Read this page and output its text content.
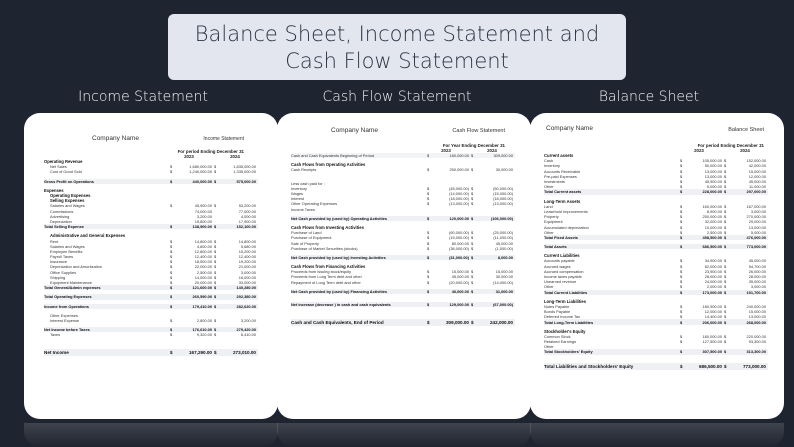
Balance Sheet, Income Statement and
Cash Flow Statement
Income Statement	Cash Flow Statement	Balance Sheet
Company Name	Income Statement
For period Ending December 31
2023	2024
Operating Revenue
Net Sales	$	1,680,000.00 $	1,835,000.00
Cost of Good Sold	$	1,240,000.00 $	1,335,000.00
Gross Profit on Operations	$	440,000.00 $	575,000.00
Expenses
Operating Expenses
Selling Expenses
Salaries and Wages	$	45,900.00 $	53,200.00
Commissions	74,000.00	77,000.00
Advertising	3,200.00	4,000.00
Depreciation	15,800.00	17,900.00
Total Selling Expense	$	138,900.00 $	152,100.00
Administrative and General Expenses
Rent	$	14,800.00 $	14,800.00
Salaries and Wages	$	4,600.00 $	5,680.00
Employee Benefits	$	12,800.00 $	15,200.00
Payroll Taxes	$	12,400.00 $	12,400.00
Insurance	$	18,500.00 $	19,200.00
Depreciation and Amortization	$	22,000.00 $	21,000.00
Office Supplies	$	2,500.00 $	3,000.00
Shipping	$	14,000.00 $	16,000.00
Equipment Maintenance	$	20,000.00 $	33,000.00
Total General/Admin expenses	$	121,600.00 $	140,280.00
Total Operating Expenses	$	260,590.00 $	292,380.00
Income from Operations	$	179,410.00 $	282,620.00
Other Expenses
Interest Expense	$	2,800.00 $	3,200.00
Net Income before Taxes	$	176,610.00 $	279,420.00
Taxes	$	9,320.00 $	6,410.00
Net Income	$	167,290.00 $	273,010.00
Company Name	Cash Flow Statement
For Year Ending December 31
2023	2024
Cash and Cash Equivalents Beginning of Period	$	180,000.00 $	309,000.00
Cash Flows from Operating Activities
Cash Receipts	$	250,000.00 $	30,000.00
Less cash paid for :
Inventory	$	(45,000.00) $	(50,000.00)
Wages	$	(14,000.00) $	(15,000.00)
Interest	$	(18,000.00) $	(18,000.00)
Other Operating Expenses	$	(13,000.00) $	(13,000.00)
Income Taxes
Net Cash provided by (used by) Operating Activities	$	120,000.00 $	(106,000.00)
Cash Flows from Investing Activities
Purchase of Land	$	(60,000.00) $	(25,000.00)
Purchase of Equipment	$	(15,000.00) $	(11,000.00)
Sale of Property	$	80,000.00 $	45,000.00
Purchase of Market Securities (stocks)	$	(36,000.00) $	(1,000.00)
Net Cash provided by (used by) Investing Activities	$	(31,000.00) $	8,000.00
Cash Flows from Financing Activities
Proceeds from issuing stock/equity	$	15,000.00 $	15,000.00
Proceeds from Long Term debt and other	$	45,000.00 $	30,000.00
Repayment of Long Term debt and other	$	(20,000.00) $	(14,000.00)
Net Cash provided by (used by) Financing Activities	$	40,000.00 $	31,000.00
Net increase (decrease ) in cash and cash equivalents	$	129,000.00 $	(67,000.00)
Cash and Cash Equivalents, End of Period	$	309,000.00 $	242,000.00
Company Name	Balance Sheet
For period Ending December 31
2023	2024
Current assets
Cash	$	105,000.00 $	152,000.00
Inventory	$	50,000.00 $	42,000.00
Accounts Receivable	$	13,000.00 $	15,000.00
Pre-paid Expenses	$	13,000.00 $	12,000.00
Investments	$	45,900.00 $	45,000.00
Other	$	5,000.00 $	11,000.00
Total Current assets	$	228,000.00 $	297,000.00
Long-Term Assets
Land	$	160,000.00 $	167,000.00
Leasehold Improvements	$	8,900.00 $	3,000.00
Property	$	250,000.00 $	270,000.00
Equipment	$	32,000.00 $	29,000.00
Accumulated depreciation	$	10,000.00 $	13,000.00
Other	$	2,500.00 $	5,000.00
Total Fixed Assets	$	458,500.00 $	476,000.00
Total Assets	$	686,500.00 $	773,000.00
Current Liabilities
Accounts payable	$	34,900.00 $	45,000.00
Accrued wages	$	62,000.00 $	54,700.00
Accrued compensation	$	23,900.00 $	26,000.00
Income taxes payable	$	28,000.00 $	28,000.00
Unearned revenue	$	24,000.00 $	35,000.00
Other	$	2,000.00 $	3,000.00
Total Current Liabilities	$	173,000.00 $	191,700.00
Long-Term Liabilities
Notes Payable	$	180,900.00 $	240,000.00
Bonds Payable	$	12,000.00 $	15,000.00
Deferred Income Tax	$	14,400.00 $	13,000.00
Total Long-Term Liabilities	$	206,000.00 $	268,000.00
Stockholder's Equity
Common Stock	$	180,000.00 $	220,000.00
Retained Earnings	$	127,500.00 $	93,300.00
Other
Total Stockholders' Equity	$	307,500.00 $	313,300.00
Total Liabilities and Stockholders' Equity	$	686,500.00 $	773,000.00
